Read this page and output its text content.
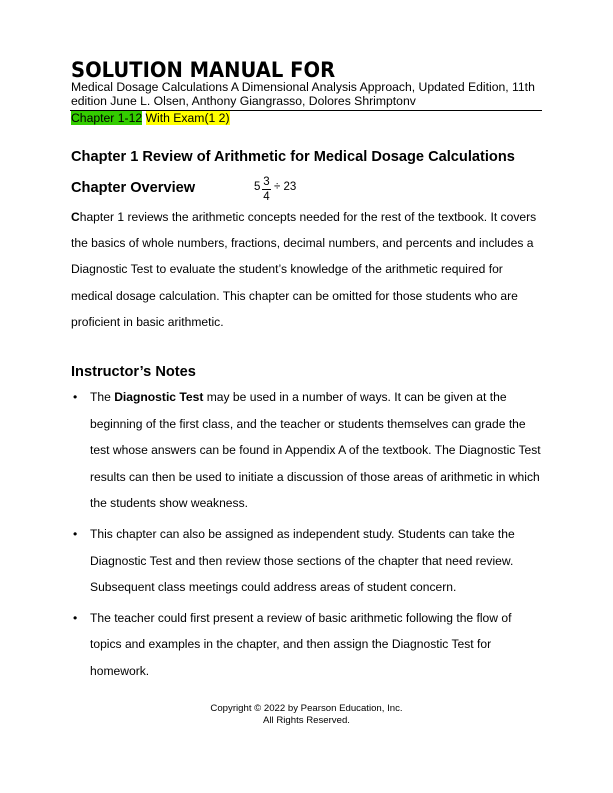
SOLUTION MANUAL FOR
Medical Dosage Calculations A Dimensional Analysis Approach, Updated Edition, 11th edition June L. Olsen, Anthony Giangrasso, Dolores Shrimptonv
Chapter 1-12 With Exam(1 2)
Chapter 1 Review of Arithmetic for Medical Dosage Calculations
Chapter Overview	5 3
4
÷ 23
Chapter 1 reviews the arithmetic concepts needed for the rest of the textbook. It covers the basics of whole numbers, fractions, decimal numbers, and percents and includes a Diagnostic Test to evaluate the student’s knowledge of the arithmetic required for medical dosage calculation. This chapter can be omitted for those students who are proficient in basic arithmetic.
Instructor’s Notes
• The Diagnostic Test may be used in a number of ways. It can be given at the beginning of the first class, and the teacher or students themselves can grade the test whose answers can be found in Appendix A of the textbook. The Diagnostic Test results can then be used to initiate a discussion of those areas of arithmetic in which the students show weakness.
• This chapter can also be assigned as independent study. Students can take the Diagnostic Test and then review those sections of the chapter that need review. Subsequent class meetings could address areas of student concern.
• The teacher could first present a review of basic arithmetic following the flow of topics and examples in the chapter, and then assign the Diagnostic Test for homework.
Copyright © 2022 by Pearson Education, Inc.
All Rights Reserved.
